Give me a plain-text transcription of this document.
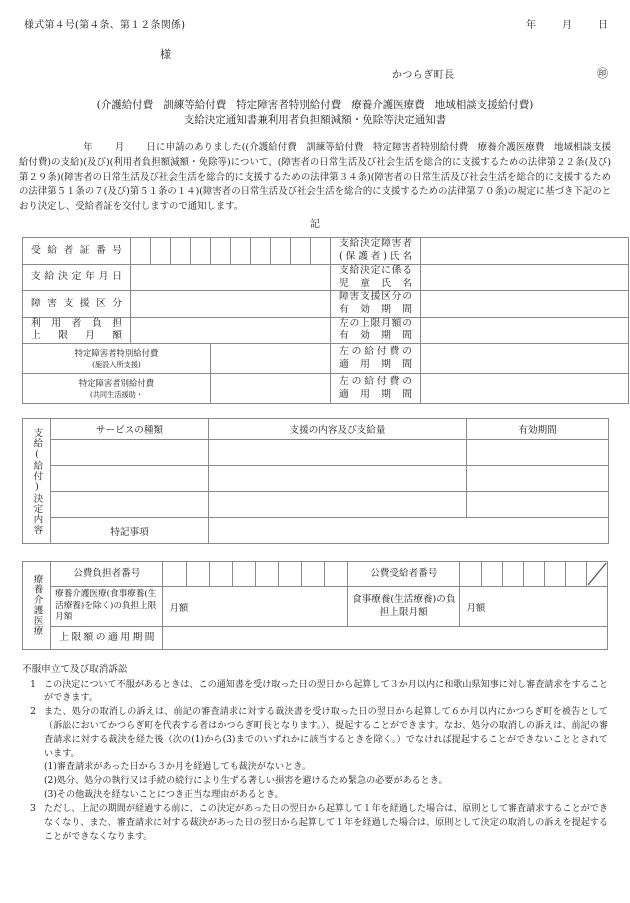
様式第４号(第４条、第１２条関係)	年	月	日
様
かつらぎ町長	㊞
(介護給付費 訓練等給付費 特定障害者特別給付費 療養介護医療費 地域相談支援給付費)
支給決定通知書兼利用者負担額減額・免除等決定通知書
年 月 日に申請のありました((介護給付費　訓練等給付費　特定障害者特別給付費　療養介護医療費　地域相談支援給付費)の支給)(及び)(利用者負担額減額・免除等)について、(障害者の日常生活及び社会生活を総合的に支援するための法律第２２条(及び)第２９条)(障害者の日常生活及び社会生活を総合的に支援するための法律第３４条)(障害者の日常生活及び社会生活を総合的に支援するための法律第５１条の７(及び)第５１条の１４)(障害者の日常生活及び社会生活を総合的に支援するための法律第７０条)の規定に基づき下記のとおり決定し、受給者証を交付しますので通知します。
記
受給者証番号											支給決定障害者
(保護者)氏名	

支給決定年月日											支給決定に係る
児童氏名	

障害支援区分											障害支援区分の
有効期間	

利用者負担
上限月額											左の上限月額の
有効期間	

特定障害者特別給付費
(施設入所支援)											左の給付費の
適用期間	

特定障害者別給付費
(共同生活援助・											左の給付費の
適用期間	

支給(給付)決定内容	サービスの種類	支援の内容及び支給量	有効期間

	特記事項		
療養介護医療	公費負担者番号									公費受給者番号							

	療養介護医療(食事療養(生活療養)を除く)の負担上限月額	月額								食事療養(生活療養)の負担上限月額	月額						

	上限額の適用期間																

不服申立て及び取消訴訟
1 この決定について不服があるときは、この通知書を受け取った日の翌日から起算して３か月以内に和歌山県知事に対し審査請求をすることができます。
2 また、処分の取消しの訴えは、前記の審査請求に対する裁決書を受け取った日の翌日から起算して６か月以内にかつらぎ町を被告として（訴訟においてかつらぎ町を代表する者はかつらぎ町長となります。）、提起することができます。なお、処分の取消しの訴えは、前記の審査請求に対する裁決を経た後（次の(1)から(3)までのいずれかに該当するときを除く。）でなければ提起することができないこととされています。
(1)審査請求があった日から３か月を経過しても裁決がないとき。
(2)処分、処分の執行又は手続の続行により生ずる著しい損害を避けるため緊急の必要があるとき。
(3)その他裁決を経ないことにつき正当な理由があるとき。
3 ただし、上記の期間が経過する前に、この決定があった日の翌日から起算して１年を経過した場合は、原則として審査請求することができなくなり、また、審査請求に対する裁決があった日の翌日から起算して１年を経過した場合は、原則として決定の取消しの訴えを提起することができなくなります。
